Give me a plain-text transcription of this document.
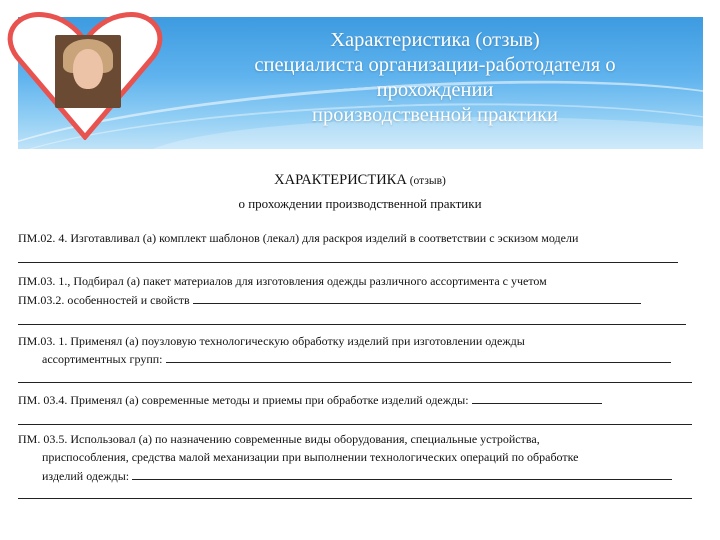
Характеристика (отзыв)
специалиста организации-работодателя о
прохождении
производственной практики
ХАРАКТЕРИСТИКА (отзыв)
о прохождении производственной практики
ПМ.02. 4. Изготавливал (а) комплект шаблонов (лекал) для раскроя изделий в соответствии с эскизом модели
ПМ.03. 1., Подбирал (а) пакет материалов для изготовления одежды различного ассортимента с учетом
ПМ.03.2. особенностей и свойств
ПМ.03. 1. Применял (а) поузловую технологическую обработку изделий при изготовлении одежды
ассортиментных групп:
ПМ. 03.4. Применял (а) современные методы и приемы при обработке изделий одежды:
ПМ. 03.5. Использовал (а) по назначению современные виды оборудования, специальные устройства,
приспособления, средства малой механизации при выполнении технологических операций по обработке
изделий одежды:
